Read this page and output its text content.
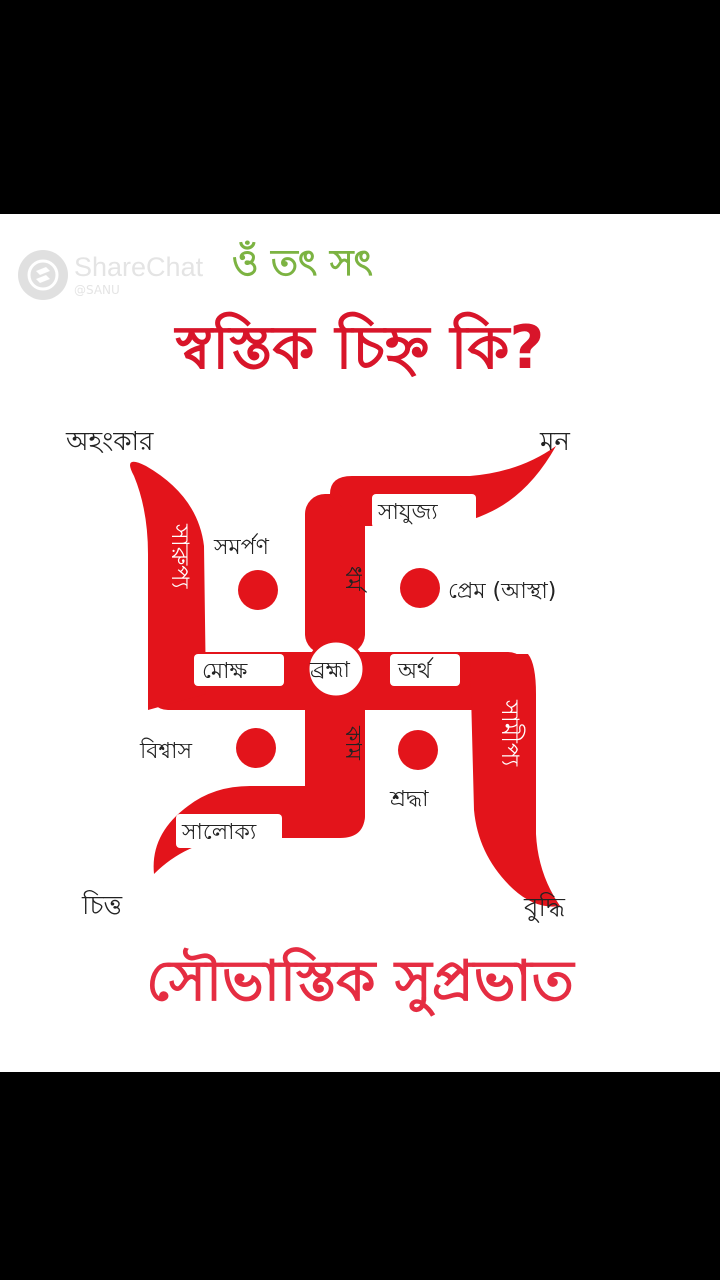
ShareChat
@SANU
ওঁ তৎ সৎ
স্বস্তিক চিহ্ন কি?
অহংকার	মন
চিত্ত	বুদ্ধি
সাযুজ্য
সালোক্য
সারুপ্য
সামীপ্য
সমর্পণ
প্রেম (আস্থা)
বিশ্বাস
শ্রদ্ধা
মোক্ষ	ব্রহ্মা অর্থ
ধর্ম
কাম
সৌভাস্তিক সুপ্রভাত
